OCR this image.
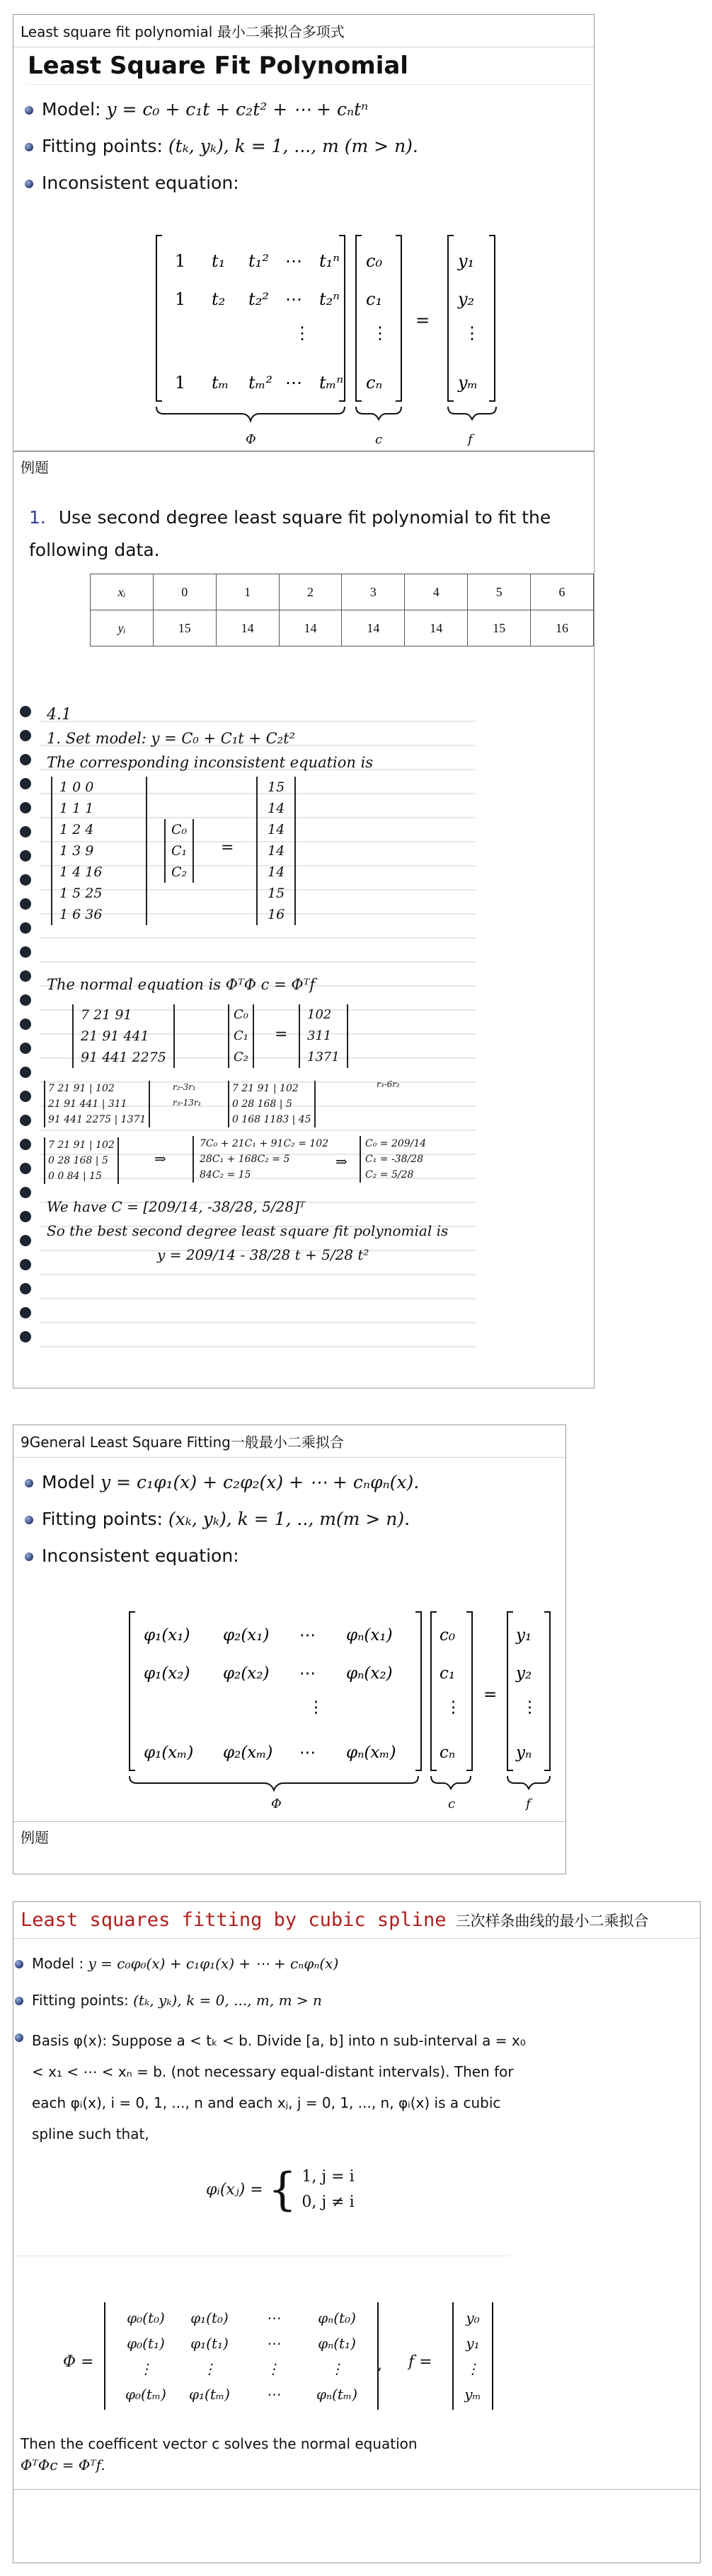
Least square fit polynomial 最小二乘拟合多项式
Least Square Fit Polynomial
Model: y = c₀ + c₁t + c₂t² + ⋯ + cₙtⁿ
Fitting points: (tₖ, yₖ), k = 1, ..., m (m > n).
Inconsistent equation:
1 t₁ t₁² ⋯ t₁ⁿ
1 t₂ t₂² ⋯ t₂ⁿ
⋮
1 tₘ tₘ² ⋯ tₘⁿ
c₀
c₁
⋮
cₙ
=
y₁
y₂
⋮
yₘ
Φ	c	f
例题
1. Use second degree least square fit polynomial to fit the following data.
xᵢ	0	1	2	3	4	5	6
yᵢ	15	14	14	14	14	15	16
4.1
1. Set model: y = C₀ + C₁t + C₂t²
The corresponding inconsistent equation is
1 0 0
1 1 1
1 2 4
1 3 9
1 4 16
1 5 25
1 6 36
C₀
C₁
C₂
=
15
14
14
14
14
15
16
The normal equation is ΦᵀΦ c = Φᵀf
7 21 91
21 91 441
91 441 2275
C₀
C₁
C₂
=
102
311
1371
7 21 91 | 102
21 91 441 | 311
91 441 2275 | 1371
r₂-3r₁
r₃-13r₁
7 21 91 | 102
0 28 168 | 5
0 168 1183 | 45
r₃-6r₂
7 21 91 | 102
0 28 168 | 5
0 0 84 | 15
⇒
7C₀ + 21C₁ + 91C₂ = 102
28C₁ + 168C₂ = 5
84C₂ = 15
⇒
C₀ = 209/14
C₁ = -38/28
C₂ = 5/28
We have C = [209/14, -38/28, 5/28]ᵀ
So the best second degree least square fit polynomial is
y = 209/14 - 38/28 t + 5/28 t²
9General Least Square Fitting一般最小二乘拟合
Model y = c₁φ₁(x) + c₂φ₂(x) + ⋯ + cₙφₙ(x).
Fitting points: (xₖ, yₖ), k = 1, .., m(m > n).
Inconsistent equation:
φ₁(x₁) φ₂(x₁) ⋯ φₙ(x₁)
φ₁(x₂) φ₂(x₂) ⋯ φₙ(x₂)
⋮
φ₁(xₘ) φ₂(xₘ) ⋯ φₙ(xₘ)
c₀
c₁
⋮
cₙ
=
y₁
y₂
⋮
yₙ
Φ	c	f
例题
Least squares fitting by cubic spline 三次样条曲线的最小二乘拟合
Model : y = c₀φ₀(x) + c₁φ₁(x) + ⋯ + cₙφₙ(x)
Fitting points: (tₖ, yₖ), k = 0, ..., m, m > n
Basis φ(x): Suppose a < tₖ < b. Divide [a, b] into n sub-interval a = x₀ < x₁ < ⋯ < xₙ = b. (not necessary equal-distant intervals). Then for each φᵢ(x), i = 0, 1, ..., n and each xⱼ, j = 0, 1, ..., n, φᵢ(x) is a cubic spline such that,
φᵢ(xⱼ) = { 1, j = i
0, j ≠ i
Φ =
φ₀(t₀)	φ₁(t₀)	⋯	φₙ(t₀)
φ₀(t₁)	φ₁(t₁)	⋯	φₙ(t₁)
⋮	⋮	⋮	⋮
φ₀(tₘ)	φ₁(tₘ)	⋯	φₙ(tₘ)
, f =
y₀
y₁
⋮
yₘ
Then the coefficent vector c solves the normal equation
ΦᵀΦc = Φᵀf.
